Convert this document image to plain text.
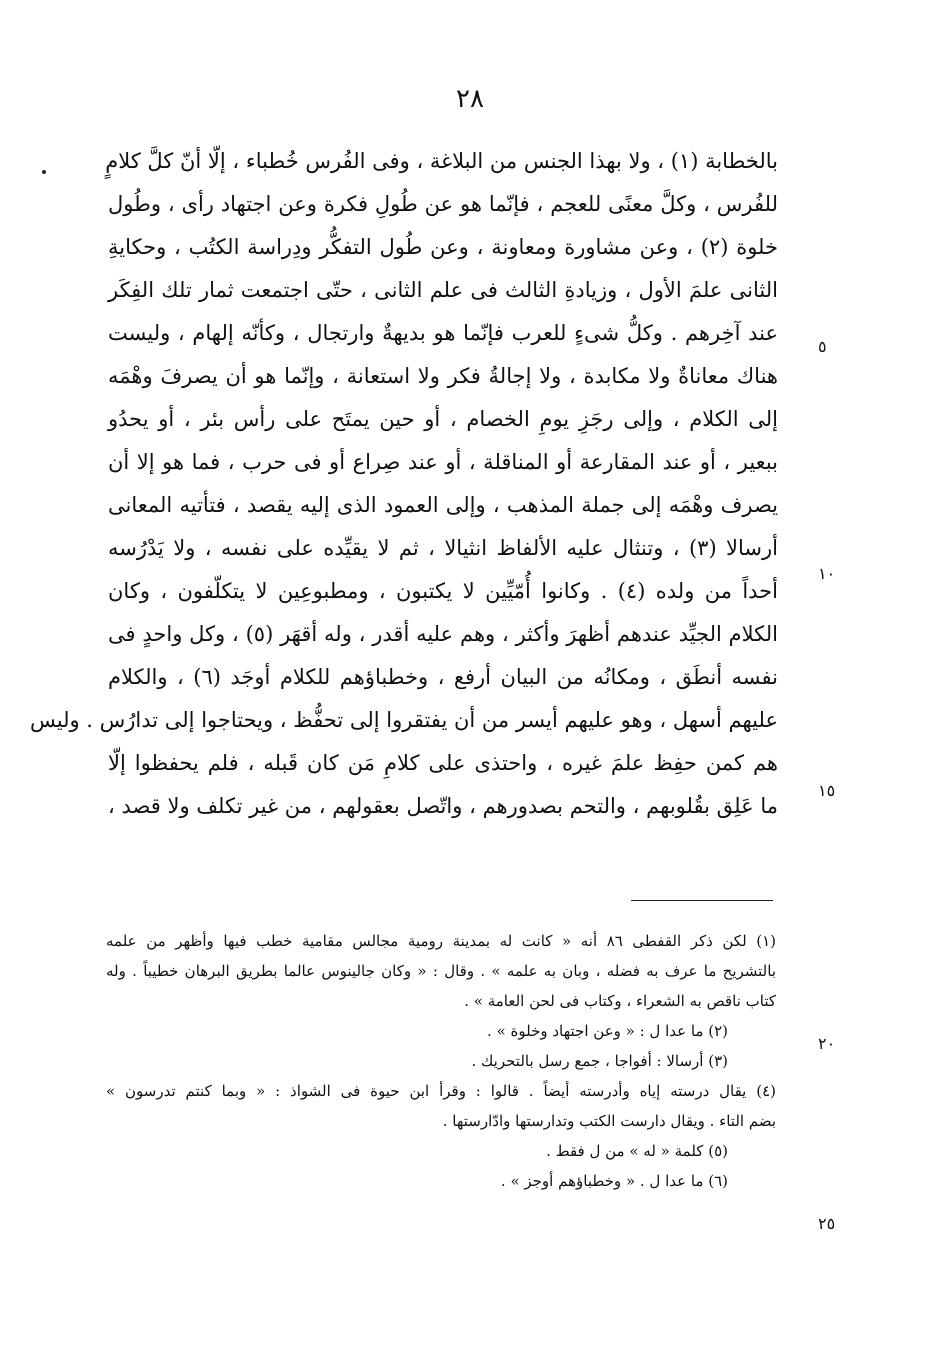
٢٨
بالخطابة (١) ، ولا بهذا الجنس من البلاغة ، وفى الفُرس خُطباء ، إلّا أنّ كلَّ كلامٍ
للفُرس ، وكلَّ معنًى للعجم ، فإنّما هو عن طُولِ فكرة وعن اجتهاد رأى ، وطُول
خلوة (٢) ، وعن مشاورة ومعاونة ، وعن طُول التفكُّر ودِراسة الكتُب ، وحكايةِ
الثانى علمَ الأول ، وزيادةِ الثالث فى علم الثانى ، حتّى اجتمعت ثمار تلك الفِكَر
عند آخِرهم . وكلُّ شىءٍ للعرب فإنّما هو بديهةٌ وارتجال ، وكأنّه إلهام ، وليست
هناك معاناةٌ ولا مكابدة ، ولا إجالةُ فكر ولا استعانة ، وإنّما هو أن يصرفَ وهْمَه
إلى الكلام ، وإلى رجَزِ يومِ الخصام ، أو حين يمتَح على رأس بئر ، أو يحدُو
ببعير ، أو عند المقارعة أو المناقلة ، أو عند صِراع أو فى حرب ، فما هو إلا أن
يصرف وهْمَه إلى جملة المذهب ، وإلى العمود الذى إليه يقصد ، فتأتيه المعانى
أرسالا (٣) ، وتنثال عليه الألفاظ انثيالا ، ثم لا يقيِّده على نفسه ، ولا يَدْرُسه
أحداً من ولده (٤) . وكانوا أُمّيِّين لا يكتبون ، ومطبوعِين لا يتكلّفون ، وكان
الكلام الجيِّد عندهم أظهرَ وأكثر ، وهم عليه أقدر ، وله أقهَر (٥) ، وكل واحدٍ فى
نفسه أنطَق ، ومكانُه من البيان أرفع ، وخطباؤهم للكلام أوجَد (٦) ، والكلام
عليهم أسهل ، وهو عليهم أيسر من أن يفتقروا إلى تحفُّظ ، ويحتاجوا إلى تدارُس . وليس
هم كمن حفِظ علمَ غيره ، واحتذى على كلامِ مَن كان قَبله ، فلم يحفظوا إلّا
ما عَلِق بقُلوبهم ، والتحم بصدورهم ، واتّصل بعقولهم ، من غير تكلف ولا قصد ،
٥
١٠
١٥
(١) لكن ذكر القفطى ٨٦ أنه « كانت له بمدينة رومية مجالس مقامية خطب فيها وأظهر من علمه
بالتشريح ما عرف به فضله ، وبان به علمه » . وقال : « وكان جالينوس عالما بطريق البرهان خطيباً . وله
كتاب ناقص به الشعراء ، وكتاب فى لحن العامة » .
(٢) ما عدا ل : « وعن اجتهاد وخلوة » .
(٣) أرسالا : أفواجا ، جمع رسل بالتحريك .
(٤) يقال درسته إياه وأدرسته أيضاً . قالوا : وقرأ ابن حيوة فى الشواذ : « وبما كنتم تدرسون »
بضم التاء . ويقال دارست الكتب وتدارستها وادّارستها .
(٥) كلمة « له » من ل فقط .
(٦) ما عدا ل . « وخطباؤهم أوجز » .
٢٠
٢٥
